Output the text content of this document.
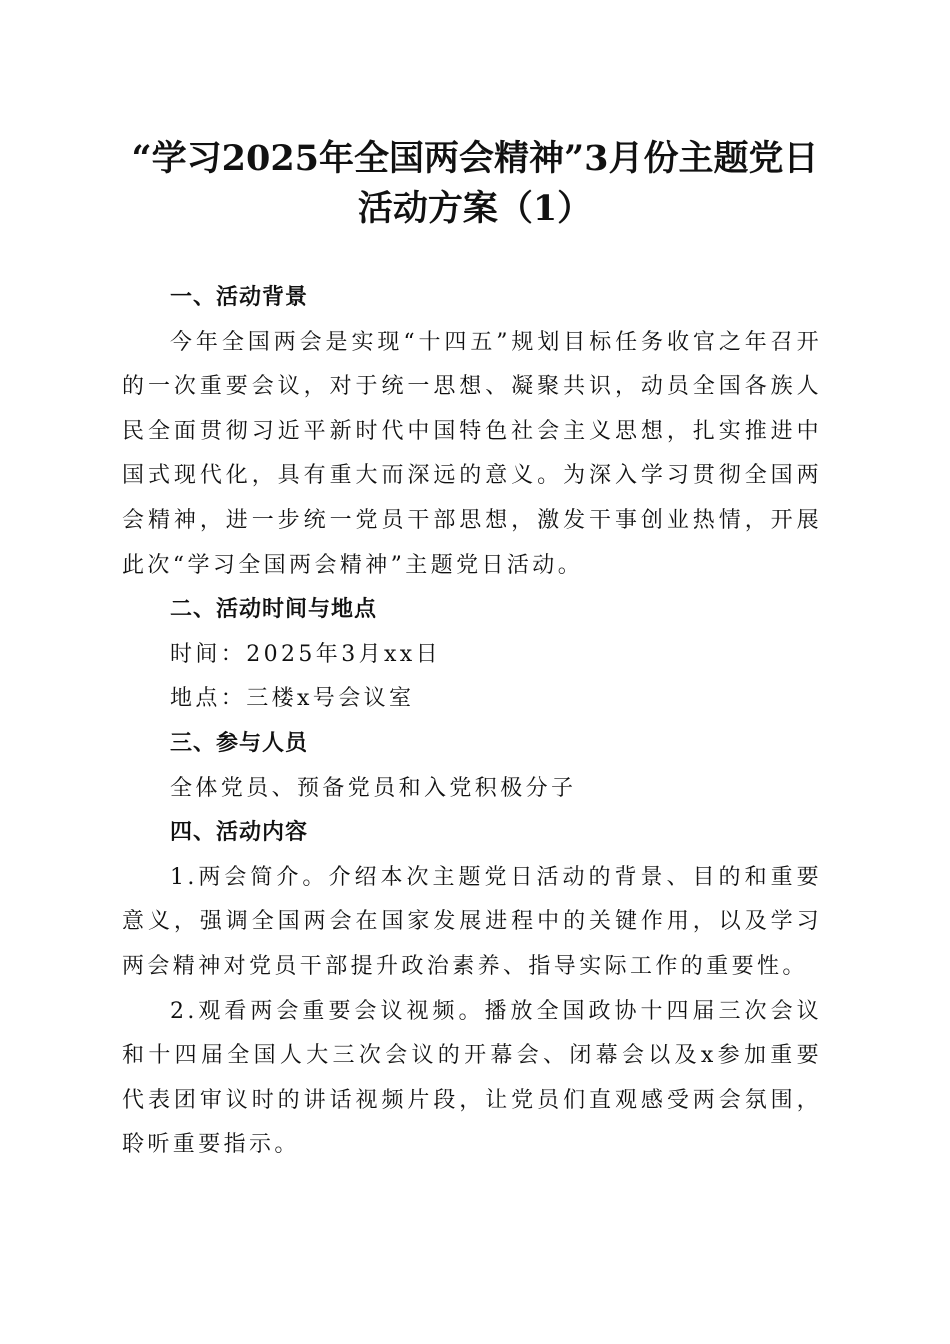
“学习2025年全国两会精神”3月份主题党日
活动方案（1）

一、活动背景

今年全国两会是实现“十四五”规划目标任务收官之年召开的一次重要会议，对于统一思想、凝聚共识，动员全国各族人民全面贯彻习近平新时代中国特色社会主义思想，扎实推进中国式现代化，具有重大而深远的意义。为深入学习贯彻全国两会精神，进一步统一党员干部思想，激发干事创业热情，开展此次“学习全国两会精神”主题党日活动。

二、活动时间与地点

时间：2025年3月xx日

地点：三楼x号会议室

三、参与人员

全体党员、预备党员和入党积极分子

四、活动内容

1.两会简介。介绍本次主题党日活动的背景、目的和重要意义，强调全国两会在国家发展进程中的关键作用，以及学习两会精神对党员干部提升政治素养、指导实际工作的重要性。

2.观看两会重要会议视频。播放全国政协十四届三次会议和十四届全国人大三次会议的开幕会、闭幕会以及x参加重要代表团审议时的讲话视频片段，让党员们直观感受两会氛围，聆听重要指示。
